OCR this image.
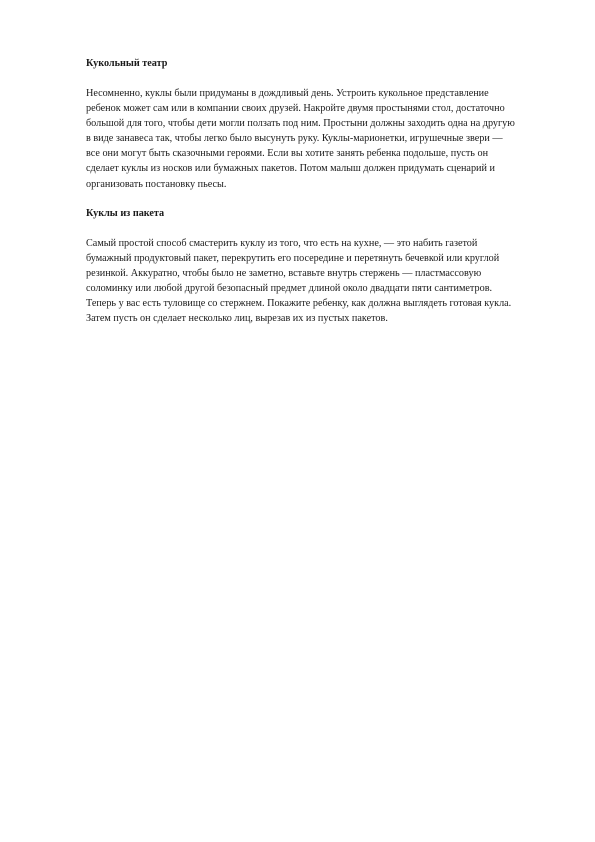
Кукольный театр

Несомненно, куклы были придуманы в дождливый день. Устроить кукольное представление ребенок может сам или в компании своих друзей. Накройте двумя простынями стол, достаточно большой для того, чтобы дети могли ползать под ним. Простыни должны заходить одна на другую в виде занавеса так, чтобы легко было высунуть руку. Куклы-марионетки, игрушечные звери — все они могут быть сказочными героями. Если вы хотите занять ребенка подольше, пусть он сделает куклы из носков или бумажных пакетов. Потом малыш должен придумать сценарий и организовать постановку пьесы.

Куклы из пакета

Самый простой способ смастерить куклу из того, что есть на кухне, — это набить газетой бумажный продуктовый пакет, перекрутить его посередине и перетянуть бечевкой или круглой резинкой. Аккуратно, чтобы было не заметно, вставьте внутрь стержень — пластмассовую соломинку или любой другой безопасный предмет длиной около двадцати пяти сантиметров. Теперь у вас есть туловище со стержнем. Покажите ребенку, как должна выглядеть готовая кукла. Затем пусть он сделает несколько лиц, вырезав их из пустых пакетов.
